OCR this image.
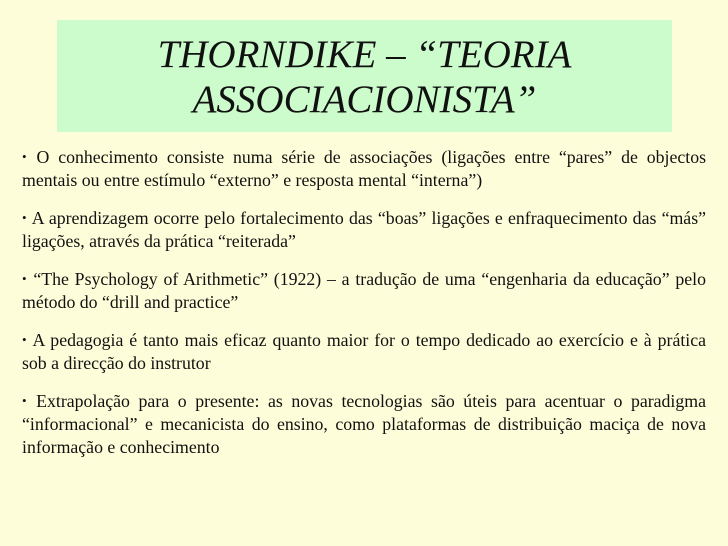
THORNDIKE – “TEORIA ASSOCIACIONISTA”

• O conhecimento consiste numa série de associações (ligações entre “pares” de objectos mentais ou entre estímulo “externo” e resposta mental “interna”)

• A aprendizagem ocorre pelo fortalecimento das “boas” ligações e enfraquecimento das “más” ligações, através da prática “reiterada”

• “The Psychology of Arithmetic” (1922) – a tradução de uma “engenharia da educação” pelo método do “drill and practice”

• A pedagogia é tanto mais eficaz quanto maior for o tempo dedicado ao exercício e à prática sob a direcção do instrutor

• Extrapolação para o presente: as novas tecnologias são úteis para acentuar o paradigma “informacional” e mecanicista do ensino, como plataformas de distribuição maciça de nova informação e conhecimento
